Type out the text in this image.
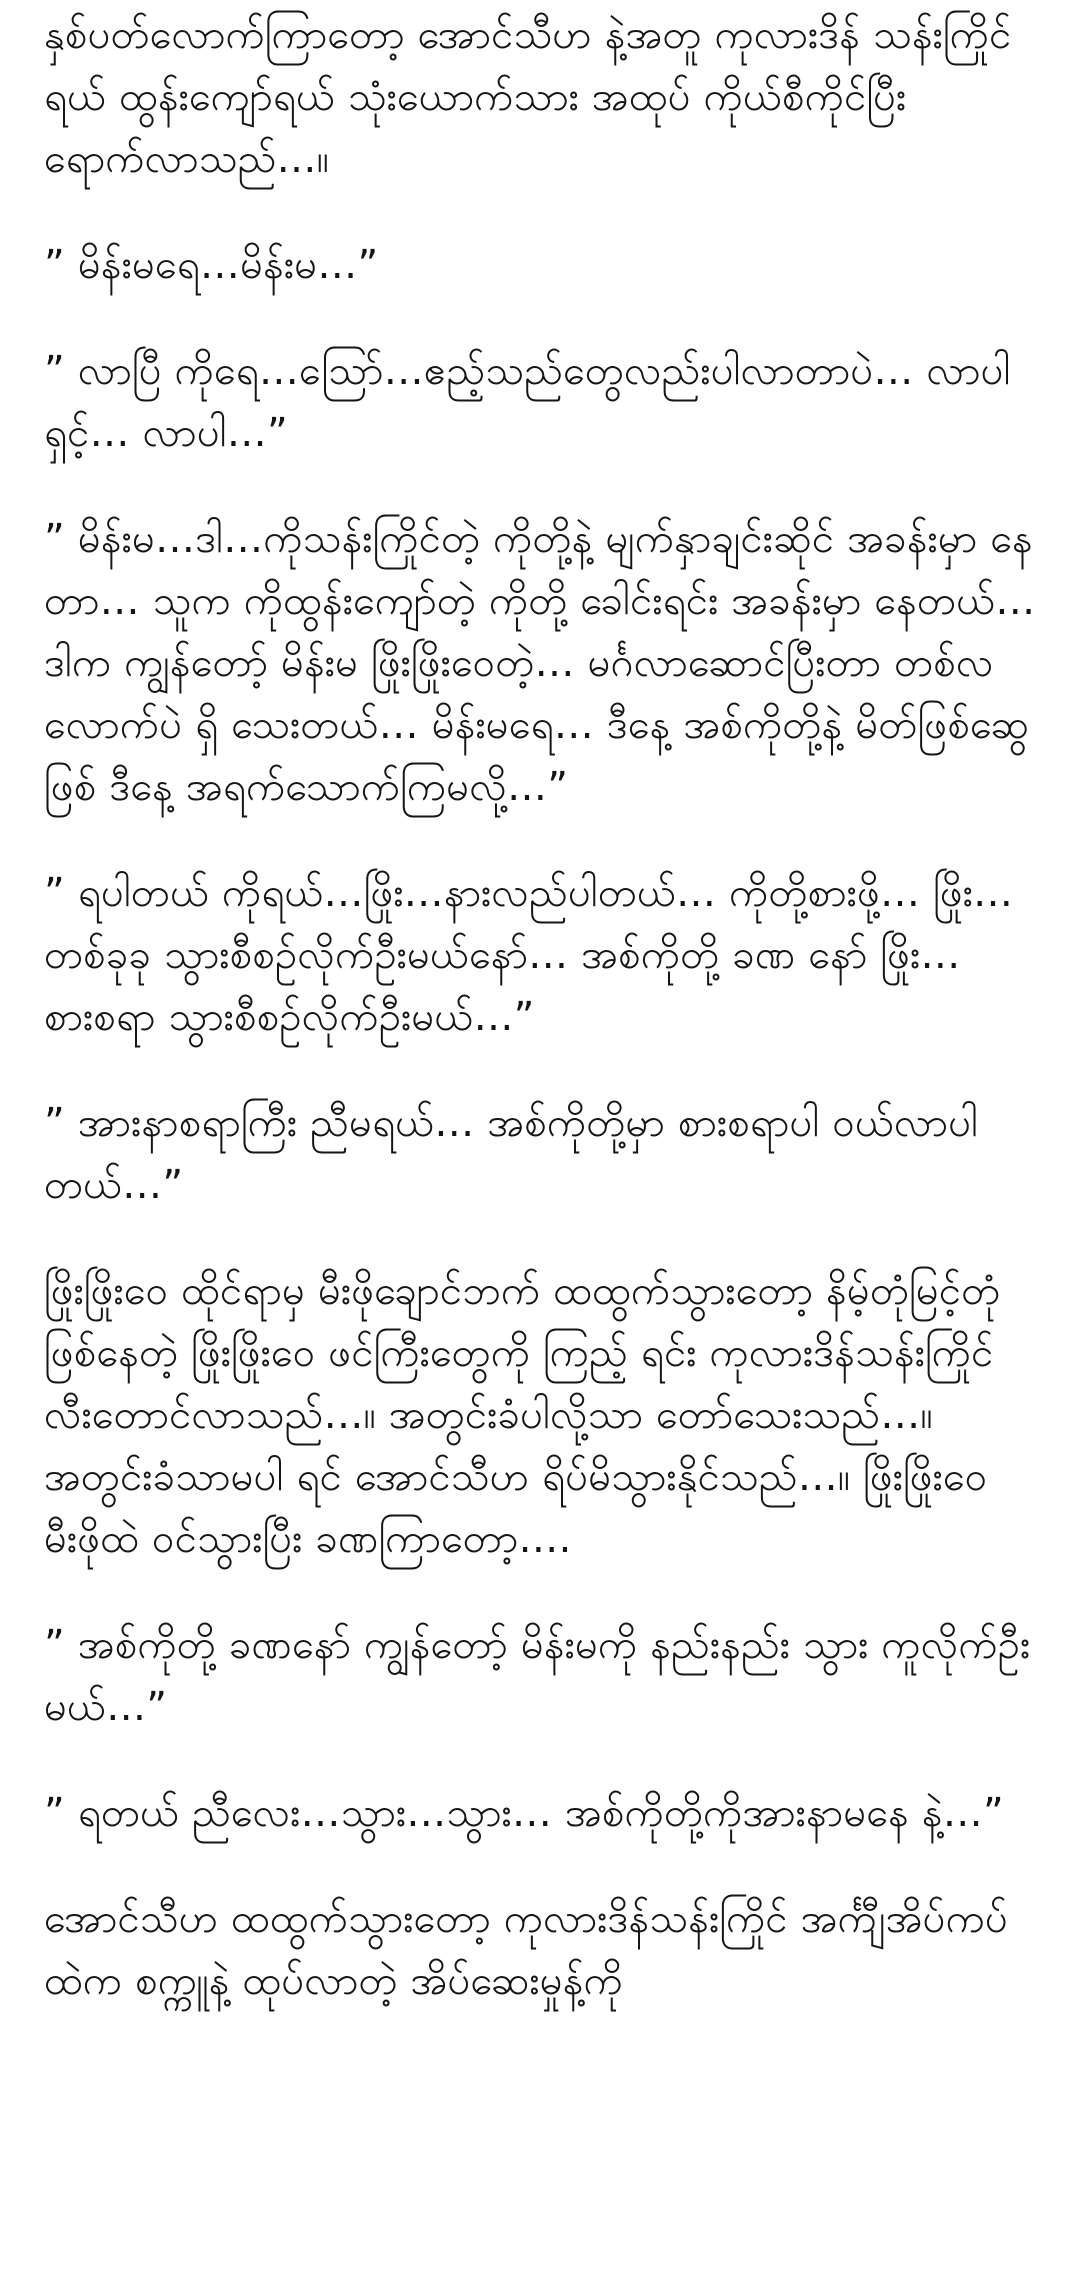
နှစ်ပတ်လောက်ကြာတော့ အောင်သီဟ နဲ့အတူ ကုလားဒိန် သန်းကြိုင်ရယ် ထွန်းကျော်ရယ် သုံးယောက်သား အထုပ် ကိုယ်စီကိုင်ပြီး ရောက်လာသည်…။

” မိန်းမရေ…မိန်းမ…”

” လာပြီ ကိုရေ…ဩော်…ဧည့်သည်တွေလည်းပါလာတာပဲ… လာပါရှင့်… လာပါ…”

” မိန်းမ…ဒါ…ကိုသန်းကြိုင်တဲ့ ကိုတို့နဲ့ မျက်နှာချင်းဆိုင် အခန်းမှာ နေတာ… သူက ကိုထွန်းကျော်တဲ့ ကိုတို့ ခေါင်းရင်း အခန်းမှာ နေတယ်… ဒါက ကျွန်တော့် မိန်းမ ဖြိုးဖြိုးဝေတဲ့… မင်္ဂလာဆောင်ပြီးတာ တစ်လလောက်ပဲ ရှိ သေးတယ်… မိန်းမရေ… ဒီနေ့ အစ်ကိုတို့နဲ့ မိတ်ဖြစ်ဆွေ ဖြစ် ဒီနေ့ အရက်သောက်ကြမလို့…”

” ရပါတယ် ကိုရယ်…ဖြိုး…နားလည်ပါတယ်… ကိုတို့စားဖို့… ဖြိုး…တစ်ခုခု သွားစီစဉ်လိုက်ဦးမယ်နော်… အစ်ကိုတို့ ခဏ နော် ဖြိုး… စားစရာ သွားစီစဉ်လိုက်ဦးမယ်…”

” အားနာစရာကြီး ညီမရယ်… အစ်ကိုတို့မှာ စားစရာပါ ဝယ်လာပါတယ်…”

ဖြိုးဖြိုးဝေ ထိုင်ရာမှ မီးဖိုချောင်ဘက် ထထွက်သွားတော့ နိမ့်တုံမြင့်တုံ ဖြစ်နေတဲ့ ဖြိုးဖြိုးဝေ ဖင်ကြီးတွေကို ကြည့် ရင်း ကုလားဒိန်သန်းကြိုင် လီးတောင်လာသည်…။ အတွင်းခံပါလို့သာ တော်သေးသည်…။ အတွင်းခံသာမပါ ရင် အောင်သီဟ ရိပ်မိသွားနိုင်သည်…။ ဖြိုးဖြိုးဝေ မီးဖိုထဲ ဝင်သွားပြီး ခဏကြာတော့….

” အစ်ကိုတို့ ခဏနော် ကျွန်တော့် မိန်းမကို နည်းနည်း သွား ကူလိုက်ဦးမယ်…”

” ရတယ် ညီလေး…သွား…သွား… အစ်ကိုတို့ကိုအားနာမနေ နဲ့…”

အောင်သီဟ ထထွက်သွားတော့ ကုလားဒိန်သန်းကြိုင် အင်္ကျီအိပ်ကပ်ထဲက စက္ကူနဲ့ ထုပ်လာတဲ့ အိပ်ဆေးမှုန့်ကို
